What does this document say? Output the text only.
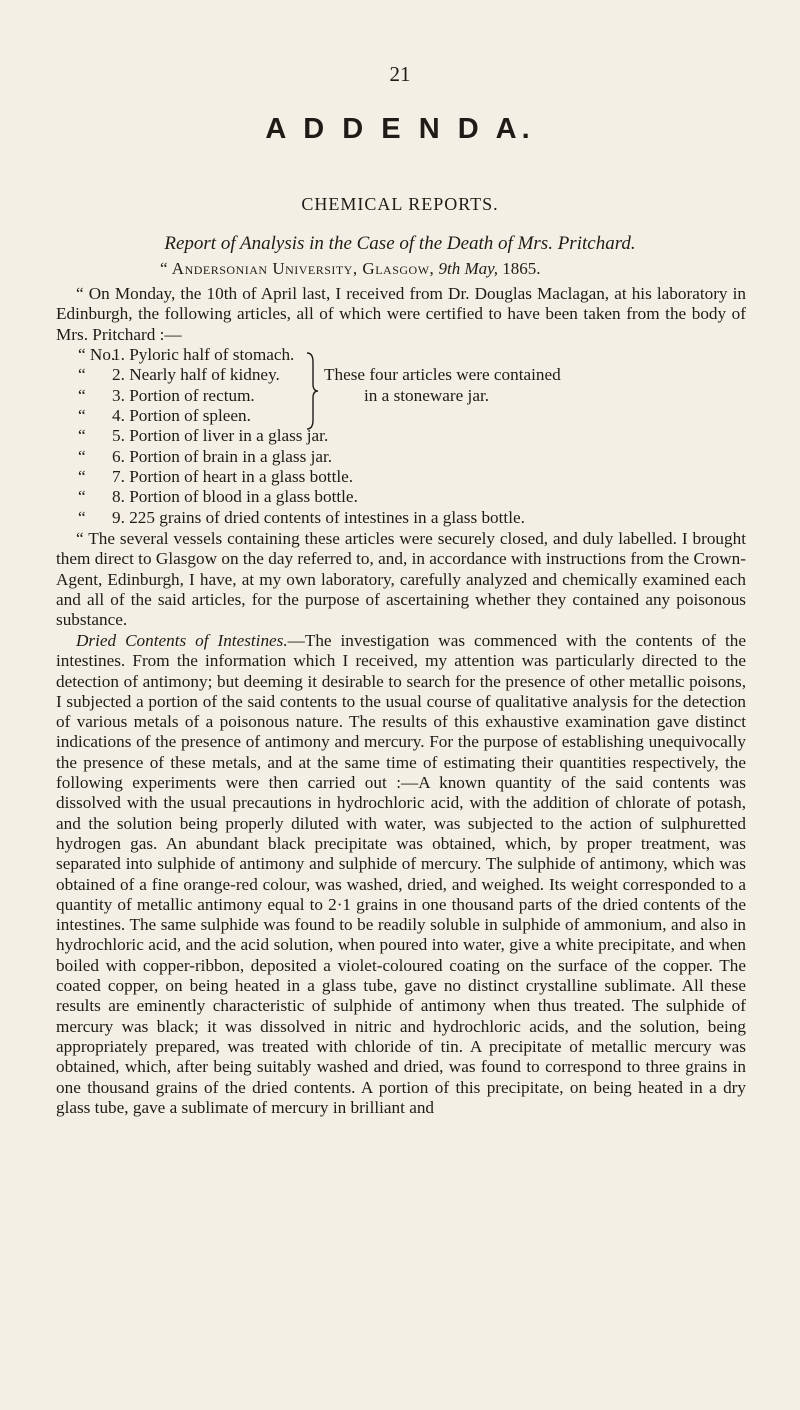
21
A D D E N D A.
CHEMICAL REPORTS.
Report of Analysis in the Case of the Death of Mrs. Pritchard.
“ Andersonian University, Glasgow, 9th May, 1865.
“ On Monday, the 10th of April last, I received from Dr. Douglas Maclagan, at his laboratory in Edinburgh, the following articles, all of which were certified to have been taken from the body of Mrs. Pritchard :—
“ No.1. Pyloric half of stomach.
“ 2. Nearly half of kidney.
“ 3. Portion of rectum.
“ 4. Portion of spleen.
These four articles were contained
in a stoneware jar.
“ 5. Portion of liver in a glass jar.
“ 6. Portion of brain in a glass jar.
“ 7. Portion of heart in a glass bottle.
“ 8. Portion of blood in a glass bottle.
“ 9. 225 grains of dried contents of intestines in a glass bottle.
“ The several vessels containing these articles were securely closed, and duly labelled. I brought them direct to Glasgow on the day referred to, and, in accordance with instructions from the Crown-Agent, Edinburgh, I have, at my own laboratory, carefully analyzed and chemically examined each and all of the said articles, for the purpose of ascertaining whether they contained any poisonous substance.
Dried Contents of Intestines.—The investigation was commenced with the contents of the intestines. From the information which I received, my attention was particularly directed to the detection of antimony; but deeming it desirable to search for the presence of other metallic poisons, I subjected a portion of the said contents to the usual course of qualitative analysis for the detection of various metals of a poisonous nature. The results of this exhaustive examination gave distinct indications of the presence of antimony and mercury. For the purpose of establishing unequivocally the presence of these metals, and at the same time of estimating their quantities respectively, the following experiments were then carried out :—A known quantity of the said contents was dissolved with the usual precautions in hydrochloric acid, with the addition of chlorate of potash, and the solution being properly diluted with water, was subjected to the action of sulphuretted hydrogen gas. An abundant black precipitate was obtained, which, by proper treatment, was separated into sulphide of antimony and sulphide of mercury. The sulphide of antimony, which was obtained of a fine orange-red colour, was washed, dried, and weighed. Its weight corresponded to a quantity of metallic antimony equal to 2·1 grains in one thousand parts of the dried contents of the intestines. The same sulphide was found to be readily soluble in sulphide of ammonium, and also in hydrochloric acid, and the acid solution, when poured into water, give a white precipitate, and when boiled with copper-ribbon, deposited a violet-coloured coating on the surface of the copper. The coated copper, on being heated in a glass tube, gave no distinct crystalline sublimate. All these results are eminently characteristic of sulphide of antimony when thus treated. The sulphide of mercury was black; it was dissolved in nitric and hydrochloric acids, and the solution, being appropriately prepared, was treated with chloride of tin. A precipitate of metallic mercury was obtained, which, after being suitably washed and dried, was found to correspond to three grains in one thousand grains of the dried contents. A portion of this precipitate, on being heated in a dry glass tube, gave a sublimate of mercury in brilliant and
